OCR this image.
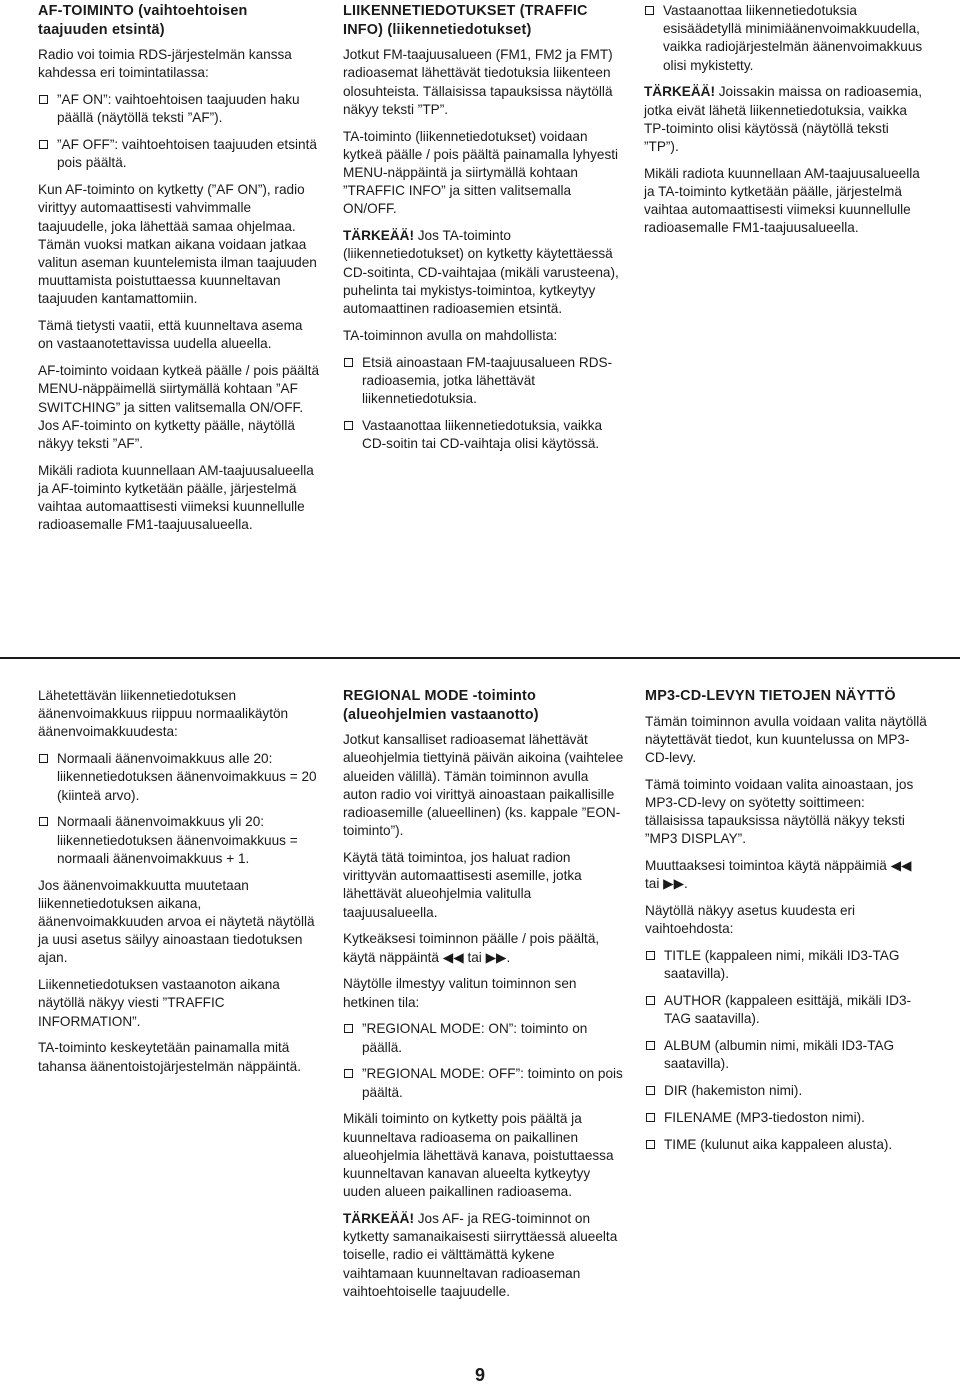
AF-TOIMINTO (vaihtoehtoisen taajuuden etsintä)

Radio voi toimia RDS-järjestelmän kanssa kahdessa eri toimintatilassa:

”AF ON”: vaihtoehtoisen taajuuden haku päällä (näytöllä teksti ”AF”).
”AF OFF”: vaihtoehtoisen taajuuden etsintä pois päältä.

Kun AF-toiminto on kytketty (”AF ON”), radio virittyy automaattisesti vahvimmalle taajuudelle, joka lähettää samaa ohjelmaa. Tämän vuoksi matkan aikana voidaan jatkaa valitun aseman kuuntelemista ilman taajuuden muuttamista poistuttaessa kuunneltavan taajuuden kantamattomiin.

Tämä tietysti vaatii, että kuunneltava asema on vastaanotettavissa uudella alueella.

AF-toiminto voidaan kytkeä päälle / pois päältä MENU-näppäimellä siirtymällä kohtaan ”AF SWITCHING” ja sitten valitsemalla ON/OFF. Jos AF-toiminto on kytketty päälle, näytöllä näkyy teksti ”AF”.

Mikäli radiota kuunnellaan AM-taajuusalueella ja AF-toiminto kytketään päälle, järjestelmä vaihtaa automaattisesti viimeksi kuunnellulle radioasemalle FM1-taajuusalueella.

LIIKENNETIEDOTUKSET (TRAFFIC INFO) (liikennetiedotukset)

Jotkut FM-taajuusalueen (FM1, FM2 ja FMT) radioasemat lähettävät tiedotuksia liikenteen olosuhteista. Tällaisissa tapauksissa näytöllä näkyy teksti ”TP”.

TA-toiminto (liikennetiedotukset) voidaan kytkeä päälle / pois päältä painamalla lyhyesti MENU-näppäintä ja siirtymällä kohtaan ”TRAFFIC INFO” ja sitten valitsemalla ON/OFF.

TÄRKEÄÄ! Jos TA-toiminto (liikennetiedotukset) on kytketty käytettäessä CD-soitinta, CD-vaihtajaa (mikäli varusteena), puhelinta tai mykistys-toimintoa, kytkeytyy automaattinen radioasemien etsintä.

TA-toiminnon avulla on mahdollista:

Etsiä ainoastaan FM-taajuusalueen RDS-radioasemia, jotka lähettävät liikennetiedotuksia.
Vastaanottaa liikennetiedotuksia, vaikka CD-soitin tai CD-vaihtaja olisi käytössä.
Vastaanottaa liikennetiedotuksia esisäädetyllä minimiäänenvoimakkuudella, vaikka radiojärjestelmän äänenvoimakkuus olisi mykistetty.

TÄRKEÄÄ! Joissakin maissa on radioasemia, jotka eivät lähetä liikennetiedotuksia, vaikka TP-toiminto olisi käytössä (näytöllä teksti ”TP”).

Mikäli radiota kuunnellaan AM-taajuusalueella ja TA-toiminto kytketään päälle, järjestelmä vaihtaa automaattisesti viimeksi kuunnellulle radioasemalle FM1-taajuusalueella.

Lähetettävän liikennetiedotuksen äänenvoimakkuus riippuu normaalikäytön äänenvoimakkuudesta:

Normaali äänenvoimakkuus alle 20: liikennetiedotuksen äänenvoimakkuus = 20 (kiinteä arvo).
Normaali äänenvoimakkuus yli 20: liikennetiedotuksen äänenvoimakkuus = normaali äänenvoimakkuus + 1.

Jos äänenvoimakkuutta muutetaan liikennetiedotuksen aikana, äänenvoimakkuuden arvoa ei näytetä näytöllä ja uusi asetus säilyy ainoastaan tiedotuksen ajan.

Liikennetiedotuksen vastaanoton aikana näytöllä näkyy viesti ”TRAFFIC INFORMATION”.

TA-toiminto keskeytetään painamalla mitä tahansa äänentoistojärjestelmän näppäintä.

REGIONAL MODE -toiminto (alueohjelmien vastaanotto)

Jotkut kansalliset radioasemat lähettävät alueohjelmia tiettyinä päivän aikoina (vaihtelee alueiden välillä). Tämän toiminnon avulla auton radio voi virittyä ainoastaan paikallisille radioasemille (alueellinen) (ks. kappale ”EON-toiminto”).

Käytä tätä toimintoa, jos haluat radion virittyvän automaattisesti asemille, jotka lähettävät alueohjelmia valitulla taajuusalueella.

Kytkeäksesi toiminnon päälle / pois päältä, käytä näppäintä ◀◀ tai ▶▶.

Näytölle ilmestyy valitun toiminnon sen hetkinen tila:

”REGIONAL MODE: ON”: toiminto on päällä.
”REGIONAL MODE: OFF”: toiminto on pois päältä.

Mikäli toiminto on kytketty pois päältä ja kuunneltava radioasema on paikallinen alueohjelmia lähettävä kanava, poistuttaessa kuunneltavan kanavan alueelta kytkeytyy uuden alueen paikallinen radioasema.

TÄRKEÄÄ! Jos AF- ja REG-toiminnot on kytketty samanaikaisesti siirryttäessä alueelta toiselle, radio ei välttämättä kykene vaihtamaan kuunneltavan radioaseman vaihtoehtoiselle taajuudelle.

MP3-CD-LEVYN TIETOJEN NÄYTTÖ

Tämän toiminnon avulla voidaan valita näytöllä näytettävät tiedot, kun kuuntelussa on MP3-CD-levy.

Tämä toiminto voidaan valita ainoastaan, jos MP3-CD-levy on syötetty soittimeen: tällaisissa tapauksissa näytöllä näkyy teksti ”MP3 DISPLAY”.

Muuttaaksesi toimintoa käytä näppäimiä ◀◀ tai ▶▶.

Näytöllä näkyy asetus kuudesta eri vaihtoehdosta:

TITLE (kappaleen nimi, mikäli ID3-TAG saatavilla).
AUTHOR (kappaleen esittäjä, mikäli ID3-TAG saatavilla).
ALBUM (albumin nimi, mikäli ID3-TAG saatavilla).
DIR (hakemiston nimi).
FILENAME (MP3-tiedoston nimi).
TIME (kulunut aika kappaleen alusta).
9
